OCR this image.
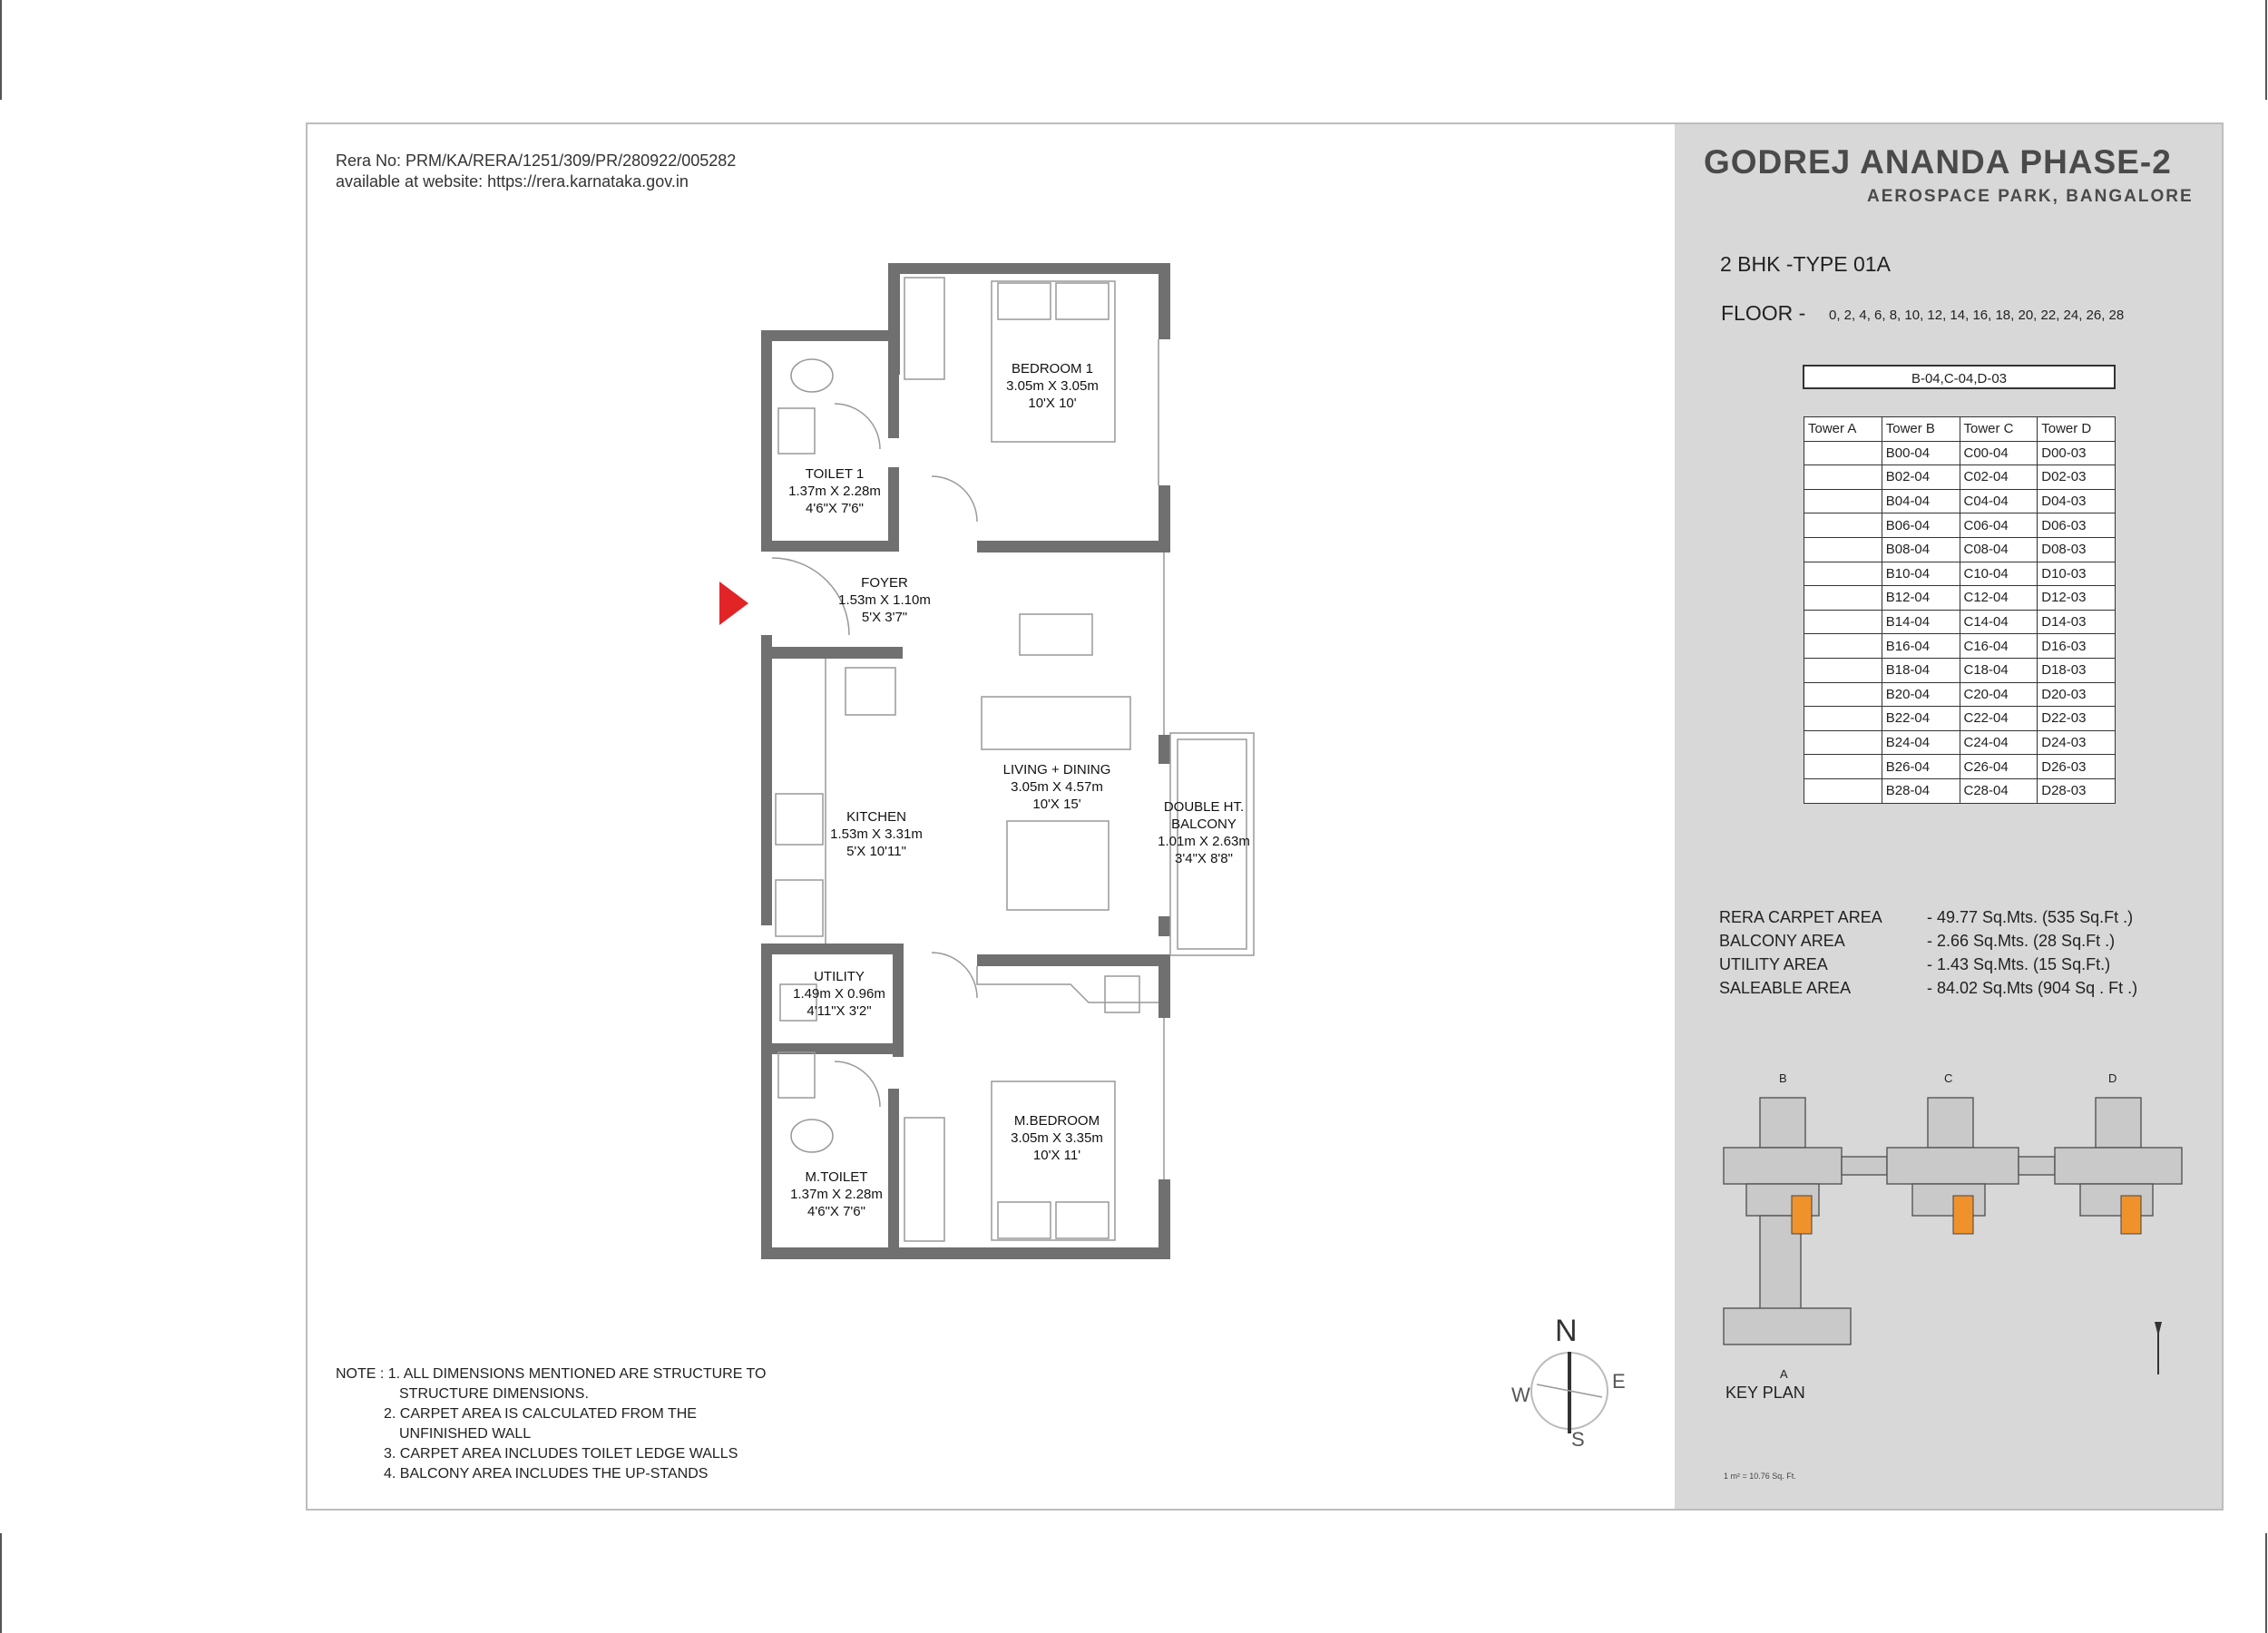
Rera No: PRM/KA/RERA/1251/309/PR/280922/005282
available at website: https://rera.karnataka.gov.in
GODREJ ANANDA PHASE-2
AEROSPACE PARK, BANGALORE
2 BHK -TYPE 01A
FLOOR - 0, 2, 4, 6, 8, 10, 12, 14, 16, 18, 20, 22, 24, 26, 28
B-04,C-04,D-03
Tower A	Tower B	Tower C	Tower D
	B00-04	C00-04	D00-03
	B02-04	C02-04	D02-03
	B04-04	C04-04	D04-03
	B06-04	C06-04	D06-03
	B08-04	C08-04	D08-03
	B10-04	C10-04	D10-03
	B12-04	C12-04	D12-03
	B14-04	C14-04	D14-03
	B16-04	C16-04	D16-03
	B18-04	C18-04	D18-03
	B20-04	C20-04	D20-03
	B22-04	C22-04	D22-03
	B24-04	C24-04	D24-03
	B26-04	C26-04	D26-03
	B28-04	C28-04	D28-03
RERA CARPET AREA	- 49.77 Sq.Mts. (535 Sq.Ft .)
BALCONY AREA	- 2.66 Sq.Mts. (28 Sq.Ft .)
UTILITY AREA	- 1.43 Sq.Mts. (15 Sq.Ft.)
SALEABLE AREA	- 84.02 Sq.Mts (904 Sq . Ft .)
BEDROOM 1
3.05m X 3.05m
10'X 10'
TOILET 1
1.37m X 2.28m
4'6"X 7'6"
FOYER
1.53m X 1.10m
5'X 3'7"
LIVING + DINING
3.05m X 4.57m
10'X 15'
KITCHEN
1.53m X 3.31m
5'X 10'11"
DOUBLE HT.
BALCONY
1.01m X 2.63m
3'4"X 8'8"
UTILITY
1.49m X 0.96m
4'11"X 3'2"
M.BEDROOM
3.05m X 3.35m
10'X 11'
M.TOILET
1.37m X 2.28m
4'6"X 7'6"
NOTE : 1. ALL DIMENSIONS MENTIONED ARE STRUCTURE TO
STRUCTURE DIMENSIONS.
2. CARPET AREA IS CALCULATED FROM THE
UNFINISHED WALL
3. CARPET AREA INCLUDES TOILET LEDGE WALLS
4. BALCONY AREA INCLUDES THE UP-STANDS
N
S
E
W
A
B	C	D
KEY PLAN
1 m² = 10.76 Sq. Ft.
